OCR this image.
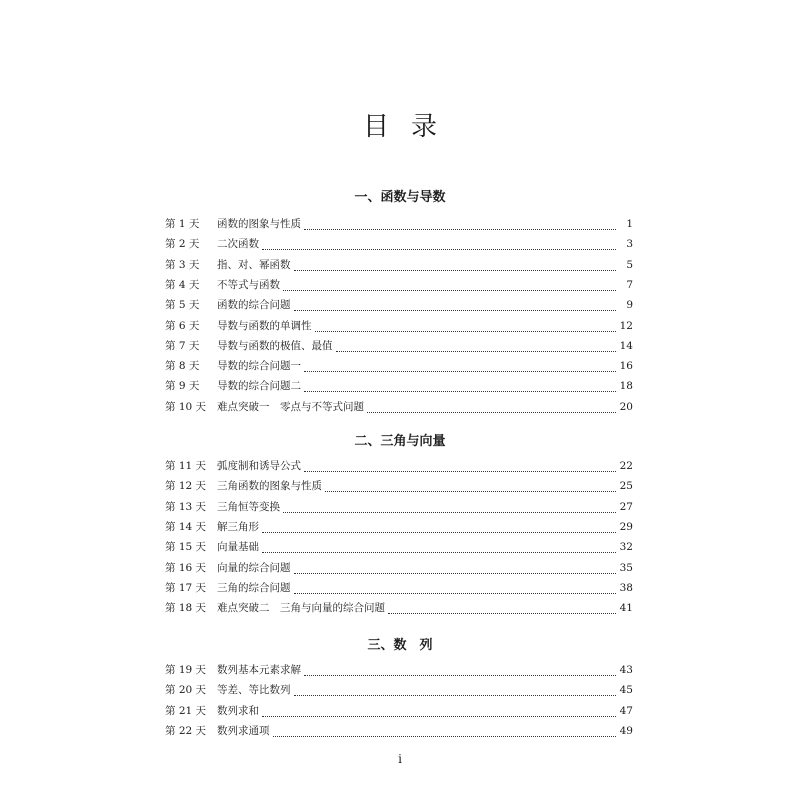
目 录
一、函数与导数
二、三角与向量
三、数　列
第 1 天	函数的图象与性质	1
第 2 天	二次函数	3
第 3 天	指、对、幂函数	5
第 4 天	不等式与函数	7
第 5 天	函数的综合问题	9
第 6 天	导数与函数的单调性	12
第 7 天	导数与函数的极值、最值	14
第 8 天	导数的综合问题一	16
第 9 天	导数的综合问题二	18
第 10 天	难点突破一　零点与不等式问题	20
第 11 天	弧度制和诱导公式	22
第 12 天	三角函数的图象与性质	25
第 13 天	三角恒等变换	27
第 14 天	解三角形	29
第 15 天	向量基础	32
第 16 天	向量的综合问题	35
第 17 天	三角的综合问题	38
第 18 天	难点突破二　三角与向量的综合问题	41
第 19 天	数列基本元素求解	43
第 20 天	等差、等比数列	45
第 21 天	数列求和	47
第 22 天	数列求通项	49
i
